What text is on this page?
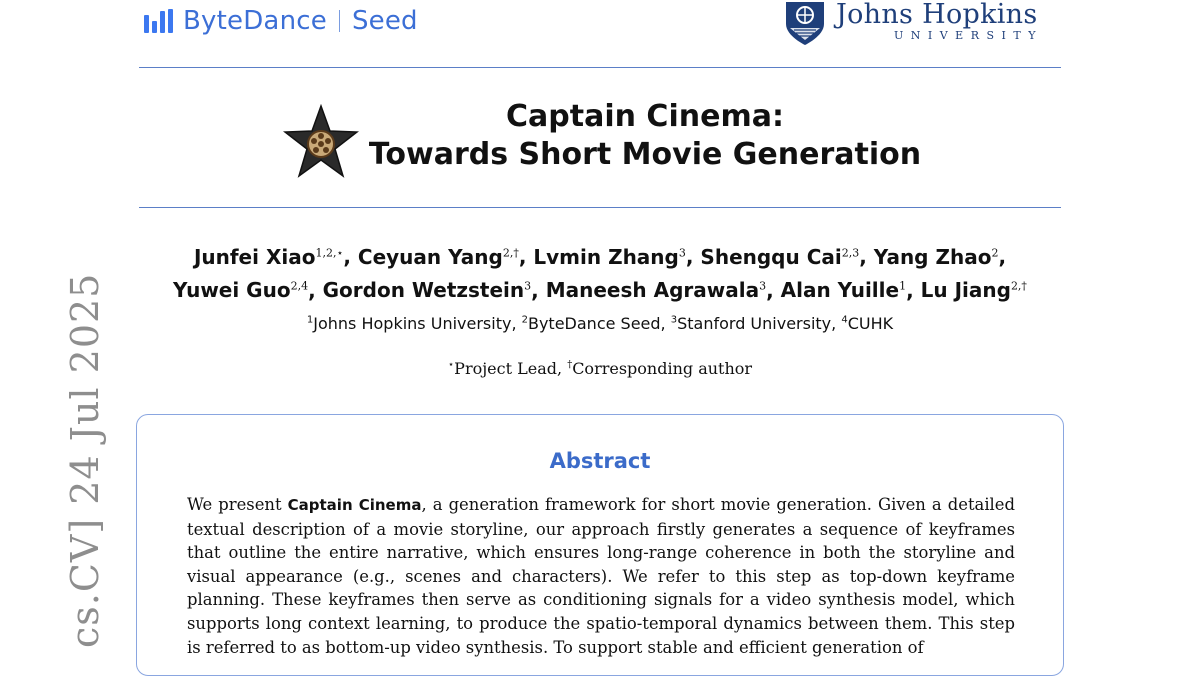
ByteDance Seed	Johns Hopkins
UNIVERSITY
Captain Cinema:
Towards Short Movie Generation
Junfei Xiao$^{1,2,⋆}$, Ceyuan Yang$^{2,\dagger}$, Lvmin Zhang$^3$, Shengqu Cai$^{2,3}$, Yang Zhao$^2$,
Yuwei Guo$^{2,4}$, Gordon Wetzstein$^3$, Maneesh Agrawala$^3$, Alan Yuille$^1$, Lu Jiang$^{2,\dagger}$
$^1$Johns Hopkins University, $^2$ByteDance Seed, $^3$Stanford University, $^4$CUHK
⋆Project Lead, †Corresponding author
Abstract
We present Captain Cinema, a generation framework for short movie generation. Given a detailed textual description of a movie storyline, our approach firstly generates a sequence of keyframes that outline the entire narrative, which ensures long-range coherence in both the storyline and visual appearance (e.g., scenes and characters). We refer to this step as top-down keyframe planning. These keyframes then serve as conditioning signals for a video synthesis model, which supports long context learning, to produce the spatio-temporal dynamics between them. This step is referred to as bottom-up video synthesis. To support stable and efficient generation of
cs.CV] 24 Jul 2025
